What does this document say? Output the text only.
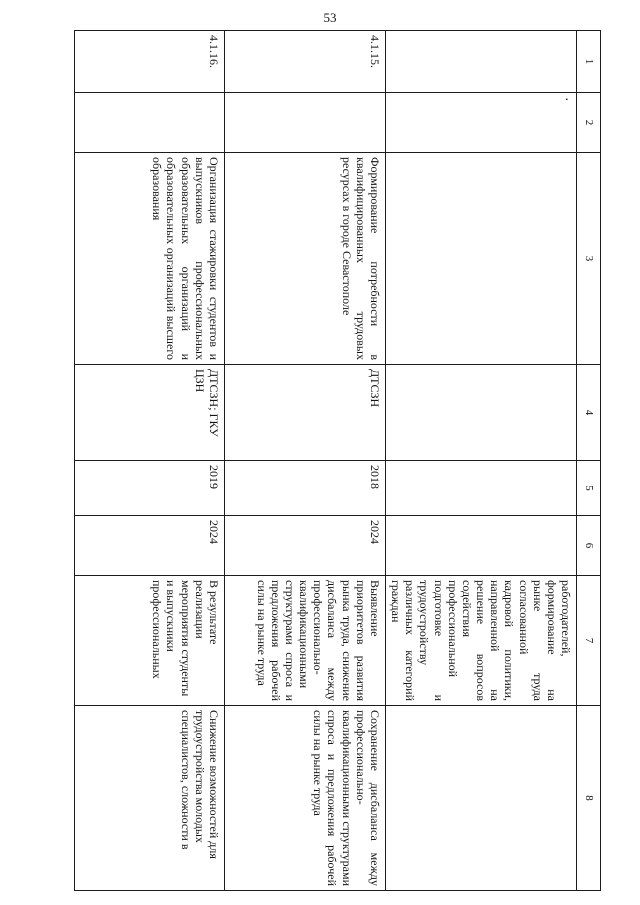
53
1	2	3	4	5	6	7	8
	·					работодателей, формирование на рынке труда согласованной кадровой политики, направленной на решение вопросов содействия профессиональной подготовке и трудоустройству различных категорий граждан	
4.1.15.		Формирование потребности в квалифицированных трудовых ресурсах в городе Севастополе	ДТСЗН	2018	2024	Выявление приоритетов развития рынка труда, снижение дисбаланса между профессионально-квалификационными структурами спроса и предложения рабочей силы на рынке труда	Сохранение дисбаланса между профессионально-квалификационными структурами спроса и предложения рабочей силы на рынке труда
4.1.16.		Организация стажировки студентов и выпускников профессиональных образовательных организаций и образовательных организаций высшего образования	ДТСЗН; ГКУ ЦЗН	2019	2024	В результате реализации мероприятия студенты и выпускники профессиональных	Снижение возможностей для трудоустройства молодых специалистов, сложности в
